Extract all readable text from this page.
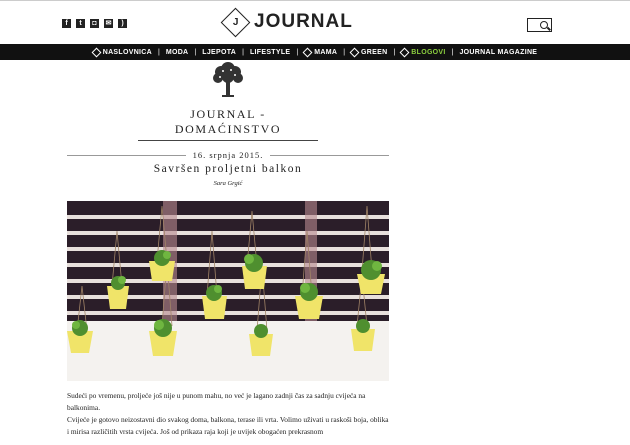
f	t	◘	✉	)	J JOURNAL
NASLOVNICA | MODA | LJEPOTA | LIFESTYLE | MAMA | GREEN | BLOGOVI | JOURNAL MAGAZINE
JOURNAL - DOMAĆINSTVO
16. srpnja 2015.
Savršen proljetni balkon
Sara Grgić

Sudeći po vremenu, proljeće još nije u punom mahu, no već je lagano zadnji čas za sadnju cvijeća na balkonima.

Cvijeće je gotovo neizostavni dio svakog doma, balkona, terase ili vrta. Volimo uživati u raskoši boja, oblika i mirisa različitih vrsta cvijeća. Još od prikaza raja koji je uvijek obogaćen prekrasnom
